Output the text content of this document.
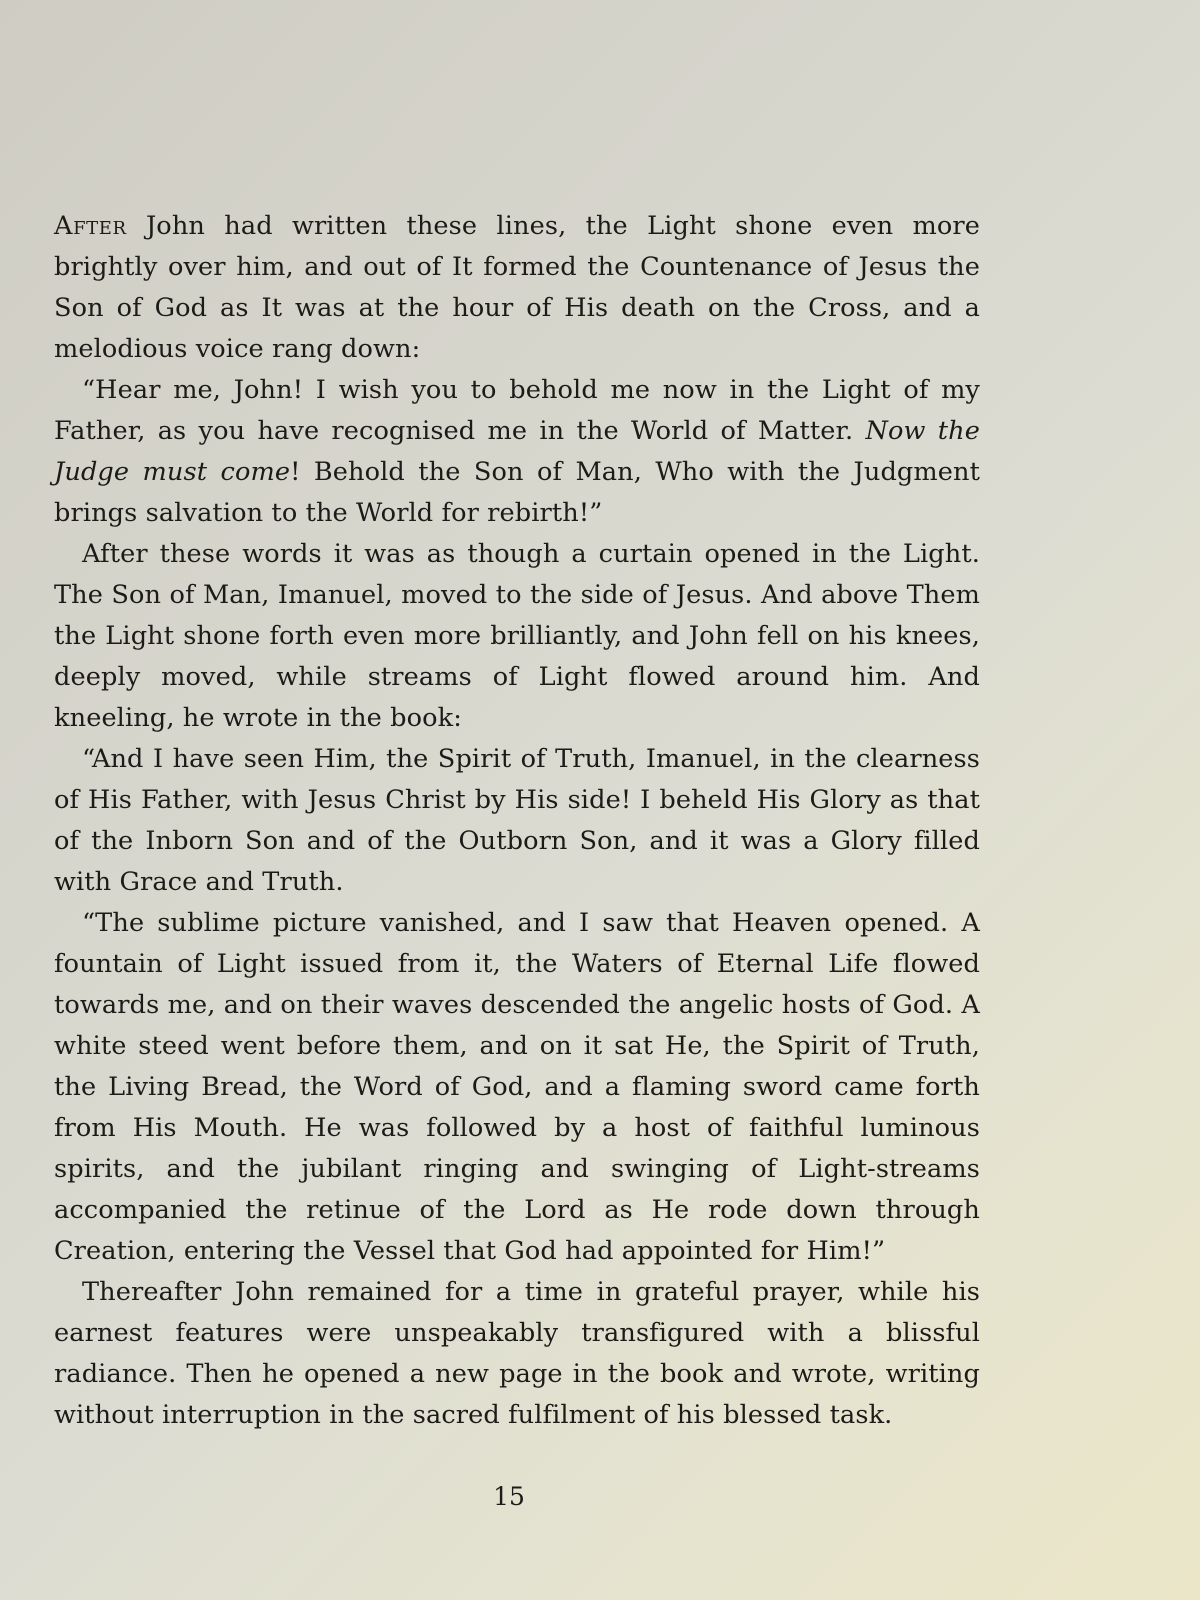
After John had written these lines, the Light shone even more brightly over him, and out of It formed the Countenance of Jesus the Son of God as It was at the hour of His death on the Cross, and a melodious voice rang down:

“Hear me, John! I wish you to behold me now in the Light of my Father, as you have recognised me in the World of Matter. Now the Judge must come! Behold the Son of Man, Who with the Judgment brings salvation to the World for rebirth!”

After these words it was as though a curtain opened in the Light. The Son of Man, Imanuel, moved to the side of Jesus. And above Them the Light shone forth even more brilliantly, and John fell on his knees, deeply moved, while streams of Light flowed around him. And kneeling, he wrote in the book:

“And I have seen Him, the Spirit of Truth, Imanuel, in the clearness of His Father, with Jesus Christ by His side! I beheld His Glory as that of the Inborn Son and of the Outborn Son, and it was a Glory filled with Grace and Truth.

“The sublime picture vanished, and I saw that Heaven opened. A fountain of Light issued from it, the Waters of Eternal Life flowed towards me, and on their waves descended the angelic hosts of God. A white steed went before them, and on it sat He, the Spirit of Truth, the Living Bread, the Word of God, and a flaming sword came forth from His Mouth. He was followed by a host of faithful luminous spirits, and the jubilant ringing and swinging of Light-streams accompanied the retinue of the Lord as He rode down through Creation, entering the Vessel that God had appointed for Him!”

Thereafter John remained for a time in grateful prayer, while his earnest features were unspeakably transfigured with a blissful radiance. Then he opened a new page in the book and wrote, writing without interruption in the sacred fulfilment of his blessed task.

15
